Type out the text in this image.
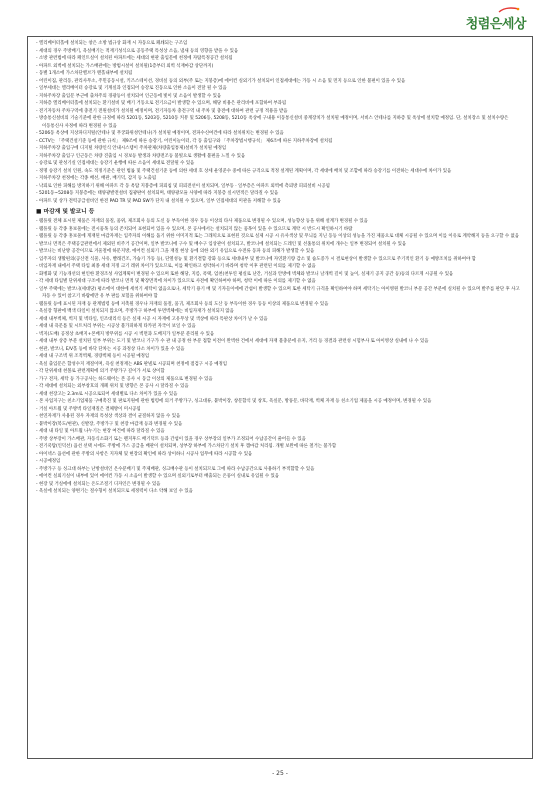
청렴은세상
- 엘리베이터홀에 설치되는 창은 소방 법규상 화재 시 자동으로 폐쇄되는 구조임
- 세대의 경우 주방배기, 욕실배기는 적재기성식으로 공동주택 특성상 소음, 냄새 등의 영향을 받을 수 있음
- 소방 관련법에 따라 페인트실이 설치된 아파트에는 세대의 현관 출입문에 천정에 자탐특정공간 설치됨
- 아파트 외벽에 설치되는 가스배관에는 방범시설이 설치될(1층부터 외벽 석재마감 상단까지)
- 동별 1개소에 가스차단밸브가 맨홀내부에 설치됨
- 어린이집, 관리동, 관리사무소, 주민공동시설, 키즈스테이션, 경비실 등의 외부(주 또는 지붕층)에 에어컨 실외기가 설치되어 인접세대에는 가동 시 소음 및 먼지 등으로 인한 불편이 있을 수 있음
- 일부세대는 엘리베이터 승강로 및 기계실과 인접되어 승강로 진동으로 인한 소음이 전달 될 수 있음
- 지하주차장 출입문 부근에 출차주의 경광등이 설치되어 인근동에 빛이 및 소음이 발생할 수 있음
- 지하층 엘리베이터홀에 설치되는 환기설비 및 배기 거동으로 전기요금이 발생할 수 있으며, 해당 비용은 관리비에 포함하여 부과됨
- 전기자동차 주차구역에 충전기 전원설비가 설치될 예정이며, 전기자동차 충전구역 내 주차 및 충전에 대하여 관련 규정 적용을 받음
- 방송통신설비의 기술기준에 관한 규정에 따라 5201동, 5203동, 5210동 커뮤 및 5206동, 5208동, 5210동 옥상에 구내용 이동통신설비 중계장치가 설치될 예정이며, 서비스 안테나를 지하층 및 옥상에 설치할 예정임. 단, 설치장소 및 설치수량은 이동통신사 사정에 따라 변경될 수 있음
- 5206동 옥상에 지상파디지털(안테나 및 무궁화위성안테나)가 설치될 예정이며, 전파수신여건에 따라 설치위치는 변경될 수 있음
- CCTV는 「주택건설기준 등에 관한 규칙」 제9조에 따른 승강기, 어린이놀이터, 각 동 출입구와 「주차장법시행규칙」 제6조에 따른 지하주차장에 설치됨
- 지하주차장 출입구에 디지털 차량인식 안내시스템이 주차관제(차량출입통제)설비가 설치될 예정임
- 지하주차장 출입구 인근동은 차량 진출입 시 경보등 발생과 차량전조등 불빛으로 생활에 불편을 느낄 수 있음
- 승강로 및 관성기실 인접세대는 승강기 운행에 따른 소음이 세대로 전달될 수 있음
- 정명 승강기 설치 인원, 속도 적정기준은 관련 법률 및 주택건설기준 등에 의한 세대 호 상세 운영준수 중에 따른 규격으로 적정 설계된 계획이며, 각 세대에 배치 및 조합에 따라 승강기를 이전하는 세대수에 차이가 있음
- 지하주차장 천정에는 각종 배선, 배관, 배기덕, 감지 등 노출됨
- 낙뢰로 인한 피해를 방지하기 위해 아파트 각 동 옥탑 지붕층에 피뢰침 및 피뢰전선이 설치되며, 일부동 · 일부층은 아파트 외벽에 측뢰방 피뢰설비 시공됨
- 5201동~5208동 지붕층에는 태양광발전설비 집광판이 설치되며, 태양광모듈 사양에 따라 지붕층 실시면적은 달라질 수 있음
- 아파트 및 상가 전력공급설비인 한전 PAD TR 및 PAD SW가 단지 내 설치될 수 있으며, 일부 인접세대의 미관을 저해할 수 있음
■ 마감재 및 발코니 등
- 팸플릿 전체 표시된 제품은 자재의 품질, 품위, 제조회사 등의 도신 등 부득이한 경우 동등 이상의 타사 제품으로 변경될 수 있으며, 성능향상 등을 위해 설계가 변경될 수 있음
- 팸플릿 등 각종 홍보물에는 전시품목 등의 존치되어 표현되어 있을 수 있으며, 본 공사에서는 설치되지 않는 품목이 있을 수 있으므로 계약 시 반드시 확인하시기 바람
- 팸플릿 등 각종 홍보물에 게재된 마감자재는 입주자의 이해를 돕기 위한 이미지적 또는 그래픽으로 표현된 것으로 실제 시공 시 유사색상 및 무늬를 지닌 동등 이상의 성능을 가진 제품으로 대체 시공될 수 있으며 이를 이유로 계약해지 등을 요구할 수 없음
- 발코니 면적은 주택공급관련에서 제외된 비주거 공간이며, 일부 발코니에 구수 및 배수구 입상관이 설치되고, 발코니에 설치되는 드레인 및 선홈통의 위치에 개수는 일부 변경되어 설치될 수 있음
- 발코니는 비난방 공간이므로 겨울철에 하문지방, 에어컨 실외기 그을 재질 현상 등에 의한 외기 유입으로 수전류 동파 등의 피해가 발생할 수 있음
- 입주자의 생활편의(공산전 식물, 사유, 빨래건조, 가습기 가동 등), 단열성능 및 환기결함 강화 등으로 세대내부 및 발코니에 자연환기량 감소 및 습도증가 시 결로현상이 발생할 수 있으므로 주기적인 환기 등 예방조치를 취하여야 함
- 비입자재 내에서 주택 타입 최종 세대 지정 크기 레위 차이가 있으므로, 이를 확인하고 청약하시기 바라며 청약 이후 관련된 이의를 제기할 수 없음
- 화병화 및 기능개선의 현인한 환경조성 사업계획이 변경될 수 있으며 또한 해당, 지름, 폭택, 엄천(천투연 평실로 난간, 거실과 안방에 벽체와 발코니 날개벽 길이 및 높이, 실제기 공지 공간 등)등의 다르게 시공될 수 있음
- 각 세대 타입별 단위세대 구조에 따라 발코니 면적 및 확장면적에 차이가 있으므로 사전에 확인하여야 하며, 청약 이에 따른 이의를 제기할 수 없음
- 일부 주택에는 발코니(세대당) 평소에이 대한에 세척기 세탁이 없음으로나, 세탁기 용기 배 및 기자들이에에 간섭이 발생할 수 있으며 또한 세탁기 규격을 확인하여야 하며 세탁기는 아이병원 발코니 부분 공간 부분에 실치될 수 있으며 발주를 판단 후 사고 자동 수 있어 참고기 바람에만 유 부 판를 보험을 위하여야 함
- 팸플릿 등에 표시된 자재 등 관계법령 등에 저촉될 경우나 자재의 품절, 품귀, 제조회사 등의 도산 등 부득이한 경우 동등 이상의 제품으로 변경될 수 있음
- 욕실장 형판에 백색 타일이 설치되지 않으며, 주방가구 하부에 투면벽체에는 비입자재가 설치되지 않음
- 세대 내부벽체, 벽지 및 벽타일, 인조대리석 등은 실제 시공 시 자재에 고유무상 및 색상에 따라 특판상 차이가 날 수 있음
- 세대 내 욕문틀 및 시트처리 부위는 시공상 불가피하게 타카핀 자국이 보일 수 있음
- 벽지(도배) 공정상 초배지+본배지 방무위를 시공 시 벽면과 도배지가 일부분 분리될 수 있음
- 세대 내부 상층 부분 설치된 일부 부위는 도기 및 발코니 기구가 수 관 내 공정 한 부분 접합 이전이 완벽한 건에서 세대에 자재 불충분에 유지, 거리 등 경결과 관련성 시험부사 또 아이병상 실내에 나 수 있음
- 현관, 발코니, E/V홀 등에 바닥 단차는 시공 과정상 다소 차이가 있을 수 있음
- 세대 내 구조벽 위 조적벽체, 경량벽체 등이 시공될 예정임
- 욕실 출입문은 합성수지 재질이며, 욕실 천정재는 ABS 판넬로 시공되며 천정에 점검구 시공 예정임
- 각 단위세대 천볼로 관련계획에 의거 주방가구 깊이가 서로 상이함
- 가구 전자, 세탁 등 가구공사는 하드웨어는 본 공사 시 동급 이상의 제품으로 변경될 수 있음
- 각 세대에 설치되는 외부창호의 개폐 위치 및 방향은 본 공사 시 달라질 수 있음
- 세대 천장고는 2.3m로 시공으로되어 세대별로 다소 차이가 있을 수 있음
- 본 사업지구는 친소기업제품 구매촉진 및 판로지원에 관한 법령에 의거 주방가구, 싱크대류, 붙박이장, 창문합석 및 창호, 욕실문, 방풍문, 바닥재, 벽체 자재 등 친소기업 제품을 시공 예정이며, 변경될 수 있음
- 거실 아트월 및 주방벽 타일재질은 결체방이 미시공됨
- 천연자재가 사용된 경우 자재의 특성상 색상과 결이 균질하지 않을 수 있음
- 붙박이장(복도/현관), 신발장, 주방가구 및 천장 마감재 등과 변경될 수 있음
- 세대 내 타일 및 아트월 나누기는 현장 여건에 따라 달라질 수 있음
- 주방 상부장이 가스배관, 자동식소화기 또는 렌지후드 배기덕트 등과 간섭이 있을 경우 상부장의 일부가 조정되어 수납공간이 줄어들 수 있음
- 전기쿡탑(인덕션) 옵션 선택 시에도 주방에 가스 공급을 배관이 설치되며, 상부장 하부에 가스차단기 설치 후 캡마감 처리됨. 개별 보완에 따른 철거는 불가함
- 아이넥스 옵션에 관한 주방의 사항은 지자체 및 현장의 확인에 따라 상이하니 시공사 업무에 따라 시공합 수 있음
- 시공예정임
- 주방가구 등 싱크대 하부는 난방설비인 온수분배기 및 주제배관, 싱크배수관 등이 설치되므로 그에 따라 수납공간으로 사용하기 부적합할 수 있음
- 에어컨 실외기실이 내부에 있어 에어컨 가동 시 소음이 발생할 수 있으며 실외기로부터 배출되는 온풍이 실내로 유입될 수 있음
- 현장 및 거실에에 설치되는 온도조절기 디자인은 변경될 수 있음
- 욕실에 설치되는 양변기는 절수형이 설치되므로 세정력이 다소 약해 보일 수 있음
- 25 -
